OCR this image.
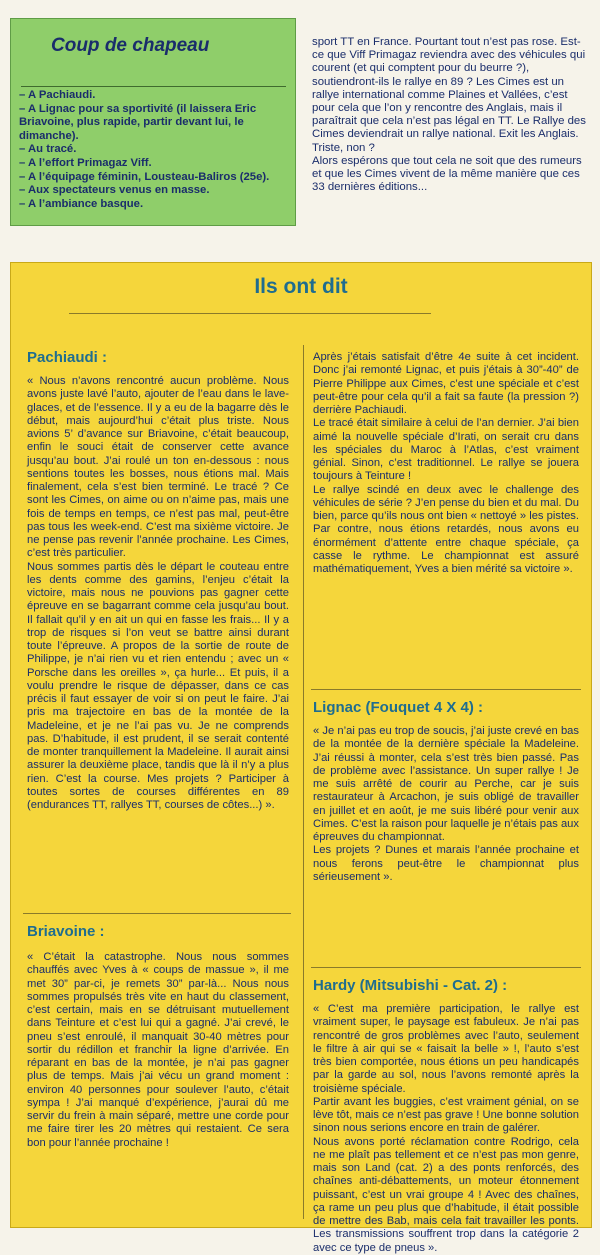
Coup de chapeau
– A Pachiaudi.
– A Lignac pour sa sportivité (il laissera Eric Briavoine, plus rapide, partir devant lui, le dimanche).
– Au tracé.
– A l’effort Primagaz Viff.
– A l’équipage féminin, Lousteau-Baliros (25e).
– Aux spectateurs venus en masse.
– A l’ambiance basque.

sport TT en France. Pourtant tout n’est pas rose. Est-ce que Viff Primagaz reviendra avec des véhicules qui courent (et qui comptent pour du beurre ?), soutiendront-ils le rallye en 89 ? Les Cimes est un rallye international comme Plaines et Vallées, c’est pour cela que l’on y rencontre des Anglais, mais il paraîtrait que cela n’est pas légal en TT. Le Rallye des Cimes deviendrait un rallye national. Exit les Anglais. Triste, non ?

Alors espérons que tout cela ne soit que des rumeurs et que les Cimes vivent de la même manière que ces 33 dernières éditions...

Ils ont dit
Pachiaudi :

« Nous n’avons rencontré aucun problème. Nous avons juste lavé l’auto, ajouter de l’eau dans le lave-glaces, et de l’essence. Il y a eu de la bagarre dès le début, mais aujourd’hui c’était plus triste. Nous avions 5’ d’avance sur Briavoine, c’était beaucoup, enfin le souci était de conserver cette avance jusqu’au bout. J’ai roulé un ton en-dessous : nous sentions toutes les bosses, nous étions mal. Mais finalement, cela s’est bien terminé. Le tracé ? Ce sont les Cimes, on aime ou on n’aime pas, mais une fois de temps en temps, ce n’est pas mal, peut-être pas tous les week-end. C’est ma sixième victoire. Je ne pense pas revenir l’année prochaine. Les Cimes, c’est très particulier.

Nous sommes partis dès le départ le couteau entre les dents comme des gamins, l’enjeu c’était la victoire, mais nous ne pouvions pas gagner cette épreuve en se bagarrant comme cela jusqu’au bout. Il fallait qu’il y en ait un qui en fasse les frais... Il y a trop de risques si l’on veut se battre ainsi durant toute l’épreuve. A propos de la sortie de route de Philippe, je n’ai rien vu et rien entendu ; avec un « Porsche dans les oreilles », ça hurle... Et puis, il a voulu prendre le risque de dépasser, dans ce cas précis il faut essayer de voir si on peut le faire. J’ai pris ma trajectoire en bas de la montée de la Madeleine, et je ne l’ai pas vu. Je ne comprends pas. D’habitude, il est prudent, il se serait contenté de monter tranquillement la Madeleine. Il aurait ainsi assurer la deuxième place, tandis que là il n’y a plus rien. C’est la course. Mes projets ? Participer à toutes sortes de courses différentes en 89 (endurances TT, rallyes TT, courses de côtes...) ».

Briavoine :

« C’était la catastrophe. Nous nous sommes chauffés avec Yves à « coups de massue », il me met 30” par-ci, je remets 30” par-là... Nous nous sommes propulsés très vite en haut du classement, c’est certain, mais en se détruisant mutuellement dans Teinture et c’est lui qui a gagné. J’ai crevé, le pneu s’est enroulé, il manquait 30-40 mètres pour sortir du rédillon et franchir la ligne d’arrivée. En réparant en bas de la montée, je n’ai pas gagner plus de temps. Mais j’ai vécu un grand moment : environ 40 personnes pour soulever l’auto, c’était sympa ! J’ai manqué d’expérience, j’aurai dû me servir du frein à main séparé, mettre une corde pour me faire tirer les 20 mètres qui restaient. Ce sera bon pour l’année prochaine !

Après j’étais satisfait d’être 4e suite à cet incident. Donc j’ai remonté Lignac, et puis j’étais à 30”-40” de Pierre Philippe aux Cimes, c’est une spéciale et c’est peut-être pour cela qu’il a fait sa faute (la pression ?) derrière Pachiaudi.

Le tracé était similaire à celui de l’an dernier. J’ai bien aimé la nouvelle spéciale d’Irati, on serait cru dans les spéciales du Maroc à l’Atlas, c’est vraiment génial. Sinon, c’est traditionnel. Le rallye se jouera toujours à Teinture !

Le rallye scindé en deux avec le challenge des véhicules de série ? J’en pense du bien et du mal. Du bien, parce qu’ils nous ont bien « nettoyé » les pistes. Par contre, nous étions retardés, nous avons eu énormément d’attente entre chaque spéciale, ça casse le rythme. Le championnat est assuré mathématiquement, Yves a bien mérité sa victoire ».

Lignac (Fouquet 4 X 4) :

« Je n’ai pas eu trop de soucis, j’ai juste crevé en bas de la montée de la dernière spéciale la Madeleine. J’ai réussi à monter, cela s’est très bien passé. Pas de problème avec l’assistance. Un super rallye ! Je me suis arrêté de courir au Perche, car je suis restaurateur à Arcachon, je suis obligé de travailler en juillet et en août, je me suis libéré pour venir aux Cimes. C’est la raison pour laquelle je n’étais pas aux épreuves du championnat.

Les projets ? Dunes et marais l’année prochaine et nous ferons peut-être le championnat plus sérieusement ».

Hardy (Mitsubishi - Cat. 2) :

« C’est ma première participation, le rallye est vraiment super, le paysage est fabuleux. Je n’ai pas rencontré de gros problèmes avec l’auto, seulement le filtre à air qui se « faisait la belle » !, l’auto s’est très bien comportée, nous étions un peu handicapés par la garde au sol, nous l’avons remonté après la troisième spéciale.

Partir avant les buggies, c’est vraiment génial, on se lève tôt, mais ce n’est pas grave ! Une bonne solution sinon nous serions encore en train de galérer.

Nous avons porté réclamation contre Rodrigo, cela ne me plaît pas tellement et ce n’est pas mon genre, mais son Land (cat. 2) a des ponts renforcés, des chaînes anti-débattements, un moteur étonnement puissant, c’est un vrai groupe 4 ! Avec des chaînes, ça rame un peu plus que d’habitude, il était possible de mettre des Bab, mais cela fait travailler les ponts. Les transmissions souffrent trop dans la catégorie 2 avec ce type de pneus ».
